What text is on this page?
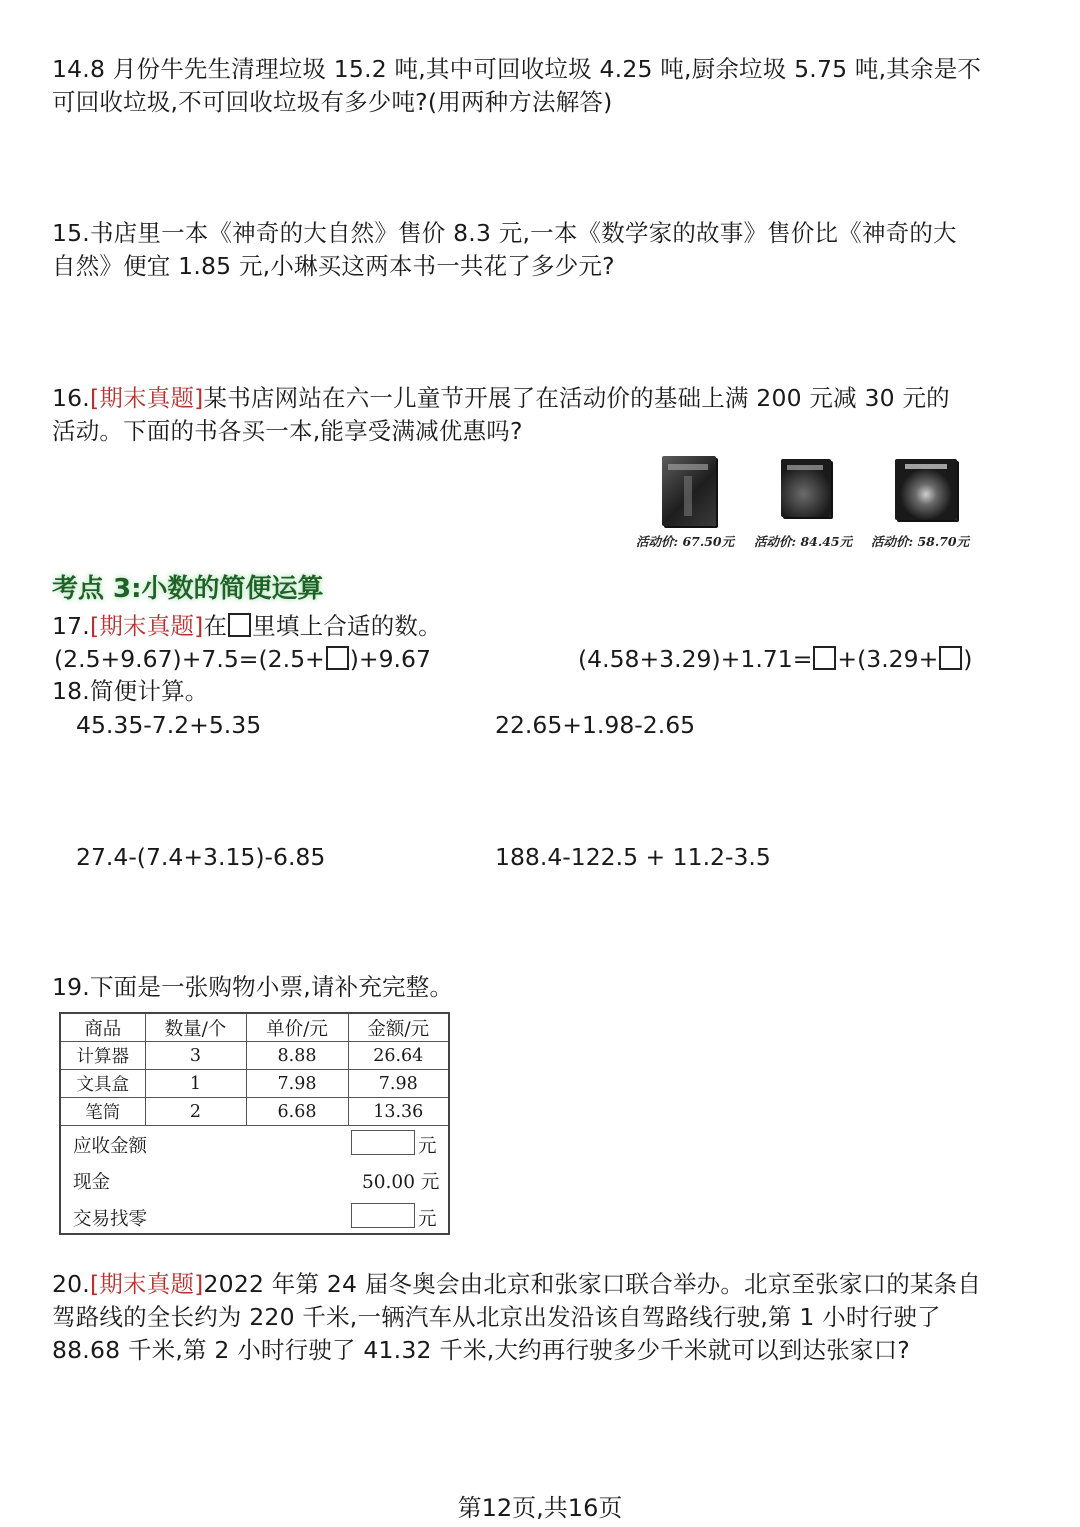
14.8 月份牛先生清理垃圾 15.2 吨,其中可回收垃圾 4.25 吨,厨余垃圾 5.75 吨,其余是不
可回收垃圾,不可回收垃圾有多少吨?(用两种方法解答)
15.书店里一本《神奇的大自然》售价 8.3 元,一本《数学家的故事》售价比《神奇的大
自然》便宜 1.85 元,小琳买这两本书一共花了多少元?
16.[期末真题]某书店网站在六一儿童节开展了在活动价的基础上满 200 元减 30 元的
活动。下面的书各买一本,能享受满减优惠吗?
活动价: 67.50元 活动价: 84.45元 活动价: 58.70元
考点 3:小数的简便运算
17.[期末真题]在 里填上合适的数。
(2.5+9.67)+7.5=(2.5+ )+9.67	(4.58+3.29)+1.71= +(3.29+ )
18.简便计算。
45.35-7.2+5.35	22.65+1.98-2.65
27.4-(7.4+3.15)-6.85	188.4-122.5 + 11.2-3.5
19.下面是一张购物小票,请补充完整。
商品	数量/个	单价/元	金额/元
计算器	3	8.88	26.64
文具盒	1	7.98	7.98
笔筒	2	6.68	13.36
应收金额	元
现金	50.00 元
交易找零	元
20.[期末真题]2022 年第 24 届冬奥会由北京和张家口联合举办。北京至张家口的某条自
驾路线的全长约为 220 千米,一辆汽车从北京出发沿该自驾路线行驶,第 1 小时行驶了
88.68 千米,第 2 小时行驶了 41.32 千米,大约再行驶多少千米就可以到达张家口?
第12页,共16页
